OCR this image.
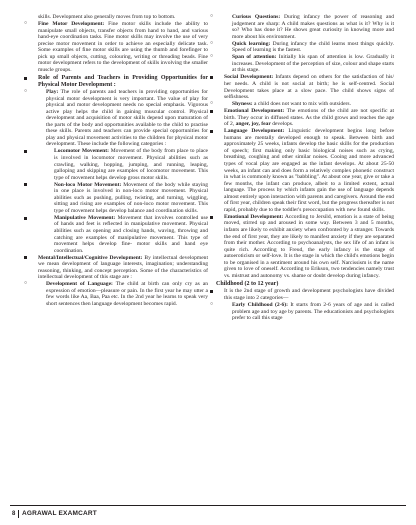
skills. Development also generally moves from top to bottom.
○ Fine Motor Development: Fine motor skills include the ability to manipulate small objects, transfer objects from hand to hand, and various hand-eye coordination tasks. Fine motor skills may involve the use of very precise motor movement in order to achieve an especially delicate task. Some examples of fine motor skills are using the thumb and forefinger to pick up small objects, cutting, colouring, writing or threading beads. Fine motor development refers to the development of skills involving the smaller muscle groups.
Role of Parents and Teachers in Providing Opportunities for Physical Motor Development :
○	Play: The role of parents and teachers in providing opportunities for physical motor development is very important. The value of play for physical and motor development needs no special emphasis. Vigorous active play helps the child in gaining muscular control. Physical development and acquisition of motor skills depend upon maturation of the parts of the body and opportunities available to the child to practise these skills. Parents and teachers can provide special opportunities for play and physical movement activities to the children for physical motor development. These include the following categories :
Locomotor Movement: Movement of the body from place to place is involved in locomotor movement. Physical abilities such as crawling, walking, hopping, jumping, and running, leaping, galloping and skipping are examples of locomotor movement. This type of movement helps develop gross motor skills.
Non-loco Motor Movement: Movement of the body while staying in one place is involved in non-loco motor movement. Physical abilities such as pushing, pulling, twisting, and turning, wiggling, sitting and rising are examples of non-loco motor movement. This type of movement helps develop balance and coordination skills.
Manipulative Movement: Movement that involves controlled use of hands and feet is reflected in manipulative movement. Physical abilities such as opening and closing hands, waving, throwing and catching are examples of manipulative movement. This type of movement helps develop fine- motor skills and hand eye coordination.
Mental/Intellectual/Cognitive Development: By intellectual development we mean development of language interests, imagination; understanding reasoning, thinking, and concept perception. Some of the characteristics of intellectual development of this stage are :
○	Development of Language: The child at birth can only cry as an expression of emotion—pleasure or pain. In the first year he may utter a few words like Aa, Baa, Paa etc. In the 2nd year he learns to speak very short sentences then language development becomes rapid.
○	Curious Questions: During infancy the power of reasoning and judgement are sharp: A child makes questions as what is it? Why is it so? Who has done it? He shows great curiosity in knowing more and more about his environment.
○	Quick learning: During infancy the child learns most things quickly. Speed of learning is the fastest.
○	Span of attention: Initially his span of attention is low. Gradually it increases. Development of the perception of size, colour and shape starts at this stage.
Social Development: Infants depend on others for the satisfaction of his/ her needs. A child is not social at birth; he is self-centred. Social Development takes place at a slow pace. The child shows signs of selfishness.
○	Shyness: a child does not want to mix with outsiders.
Emotional Development: The emotions of the child are not specific at birth. They occur in diffused states. As the child grows and reaches the age of 2, anger, joy, fear develops.
Language Development: Linguistic development begins long before humans are mentally developed enough to speak. Between birth and approximately 25 weeks, infants develop the basic skills for the production of speech; first making only basic biological noises such as crying, breathing, coughing and other similar noises. Cooing and more advanced types of vocal play are engaged as the infant develops. At about 25-50 weeks, an infant can and does form a relatively complex phonetic construct in what is commonly known as "babbling". At about one year, give or take a few months, the infant can produce, albeit to a limited extent, actual language. The process by which infants gain the use of language depends almost entirely upon interaction with parents and caregivers. Around the end of first year, children speak their first word, but the progress thereafter is not rapid, probably due to the toddler's preoccupation with new found skills.
Emotional Development: According to Jersild, emotion is a state of being moved, stirred up and aroused in some way. Between 3 and 5 months, infants are likely to exhibit anxiety when confronted by a stranger. Towards the end of first year, they are likely to manifest anxiety if they are separated from their mother. According to psychoanalysts, the sex life of an infant is quite rich. According to Freud, the early infancy is the stage of autoeroticism or self-love. It is the stage in which the child's emotions begin to be organised in a sentiment around his own self. Narcissism is the name given to love of oneself. According to Erikson, two tendencies namely trust vs. mistrust and autonomy vs. shame or doubt develop during infancy.
Childhood (2 to 12 year)
It is the 2nd stage of growth and development psychologists have divided this stage into 2 categories—
○	Early Childhood (2-6): It starts from 2-6 years of age and is called problem age and toy age by parents. The educationists and psychologists prefer to call this stage
8 AGRAWAL EXAMCART
